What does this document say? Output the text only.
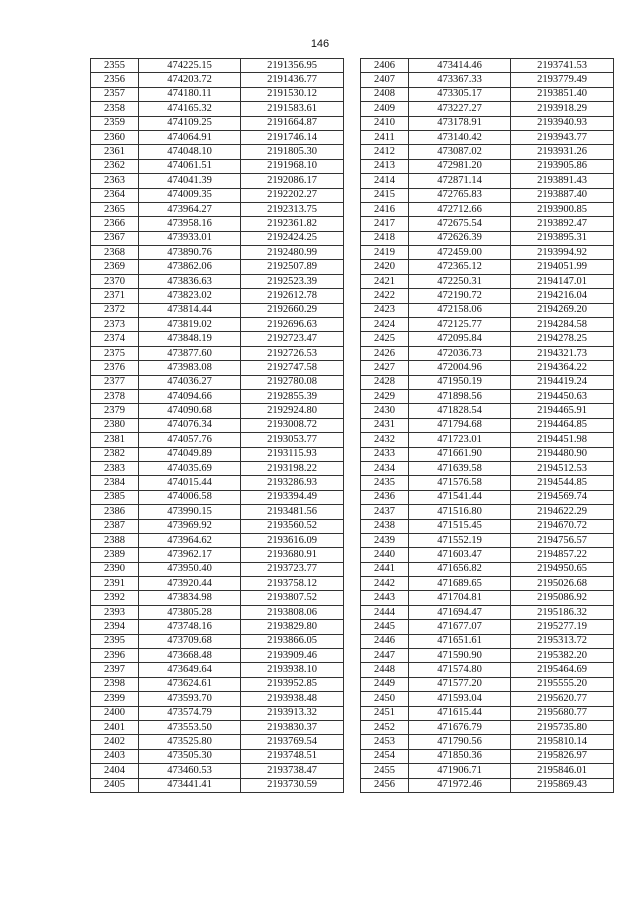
146
2355	474225.15	2191356.95
2356	474203.72	2191436.77
2357	474180.11	2191530.12
2358	474165.32	2191583.61
2359	474109.25	2191664.87
2360	474064.91	2191746.14
2361	474048.10	2191805.30
2362	474061.51	2191968.10
2363	474041.39	2192086.17
2364	474009.35	2192202.27
2365	473964.27	2192313.75
2366	473958.16	2192361.82
2367	473933.01	2192424.25
2368	473890.76	2192480.99
2369	473862.06	2192507.89
2370	473836.63	2192523.39
2371	473823.02	2192612.78
2372	473814.44	2192660.29
2373	473819.02	2192696.63
2374	473848.19	2192723.47
2375	473877.60	2192726.53
2376	473983.08	2192747.58
2377	474036.27	2192780.08
2378	474094.66	2192855.39
2379	474090.68	2192924.80
2380	474076.34	2193008.72
2381	474057.76	2193053.77
2382	474049.89	2193115.93
2383	474035.69	2193198.22
2384	474015.44	2193286.93
2385	474006.58	2193394.49
2386	473990.15	2193481.56
2387	473969.92	2193560.52
2388	473964.62	2193616.09
2389	473962.17	2193680.91
2390	473950.40	2193723.77
2391	473920.44	2193758.12
2392	473834.98	2193807.52
2393	473805.28	2193808.06
2394	473748.16	2193829.80
2395	473709.68	2193866.05
2396	473668.48	2193909.46
2397	473649.64	2193938.10
2398	473624.61	2193952.85
2399	473593.70	2193938.48
2400	473574.79	2193913.32
2401	473553.50	2193830.37
2402	473525.80	2193769.54
2403	473505.30	2193748.51
2404	473460.53	2193738.47
2405	473441.41	2193730.59
2406	473414.46	2193741.53
2407	473367.33	2193779.49
2408	473305.17	2193851.40
2409	473227.27	2193918.29
2410	473178.91	2193940.93
2411	473140.42	2193943.77
2412	473087.02	2193931.26
2413	472981.20	2193905.86
2414	472871.14	2193891.43
2415	472765.83	2193887.40
2416	472712.66	2193900.85
2417	472675.54	2193892.47
2418	472626.39	2193895.31
2419	472459.00	2193994.92
2420	472365.12	2194051.99
2421	472250.31	2194147.01
2422	472190.72	2194216.04
2423	472158.06	2194269.20
2424	472125.77	2194284.58
2425	472095.84	2194278.25
2426	472036.73	2194321.73
2427	472004.96	2194364.22
2428	471950.19	2194419.24
2429	471898.56	2194450.63
2430	471828.54	2194465.91
2431	471794.68	2194464.85
2432	471723.01	2194451.98
2433	471661.90	2194480.90
2434	471639.58	2194512.53
2435	471576.58	2194544.85
2436	471541.44	2194569.74
2437	471516.80	2194622.29
2438	471515.45	2194670.72
2439	471552.19	2194756.57
2440	471603.47	2194857.22
2441	471656.82	2194950.65
2442	471689.65	2195026.68
2443	471704.81	2195086.92
2444	471694.47	2195186.32
2445	471677.07	2195277.19
2446	471651.61	2195313.72
2447	471590.90	2195382.20
2448	471574.80	2195464.69
2449	471577.20	2195555.20
2450	471593.04	2195620.77
2451	471615.44	2195680.77
2452	471676.79	2195735.80
2453	471790.56	2195810.14
2454	471850.36	2195826.97
2455	471906.71	2195846.01
2456	471972.46	2195869.43
